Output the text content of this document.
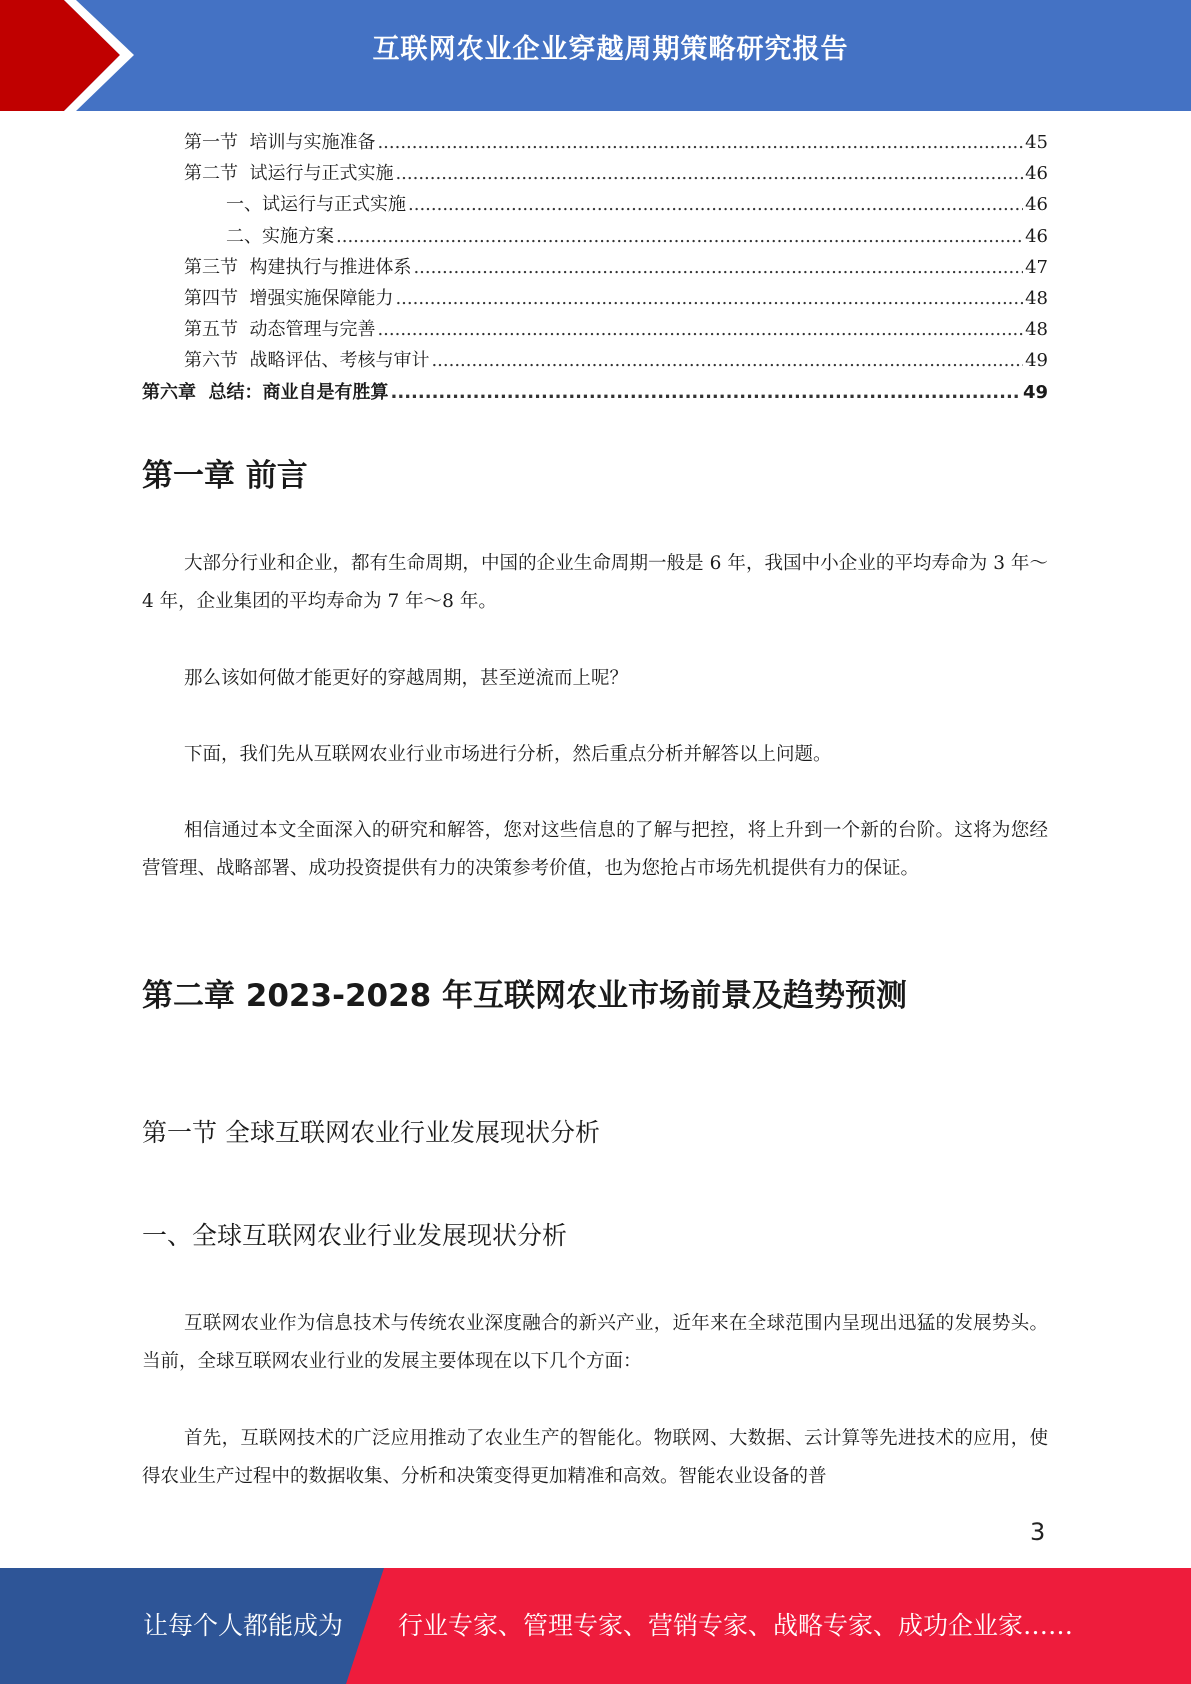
互联网农业企业穿越周期策略研究报告
第一节  培训与实施准备 .....	45
第二节  试运行与正式实施 .....	46
一、试运行与正式实施 .....	46
二、实施方案 .....	46
第三节  构建执行与推进体系 .....	47
第四节  增强实施保障能力 .....	48
第五节  动态管理与完善 .....	48
第六节  战略评估、考核与审计 .....	49
第六章  总结：商业自是有胜算 .....	49
第一章 前言

大部分行业和企业，都有生命周期，中国的企业生命周期一般是 6 年，我国中小企业的平均寿命为 3 年～4 年，企业集团的平均寿命为 7 年～8 年。

那么该如何做才能更好的穿越周期，甚至逆流而上呢？

下面，我们先从互联网农业行业市场进行分析，然后重点分析并解答以上问题。

相信通过本文全面深入的研究和解答，您对这些信息的了解与把控，将上升到一个新的台阶。这将为您经营管理、战略部署、成功投资提供有力的决策参考价值，也为您抢占市场先机提供有力的保证。

第二章 2023-2028 年互联网农业市场前景及趋势预测
第一节 全球互联网农业行业发展现状分析
一、全球互联网农业行业发展现状分析

互联网农业作为信息技术与传统农业深度融合的新兴产业，近年来在全球范围内呈现出迅猛的发展势头。当前，全球互联网农业行业的发展主要体现在以下几个方面：

首先，互联网技术的广泛应用推动了农业生产的智能化。物联网、大数据、云计算等先进技术的应用，使得农业生产过程中的数据收集、分析和决策变得更加精准和高效。智能农业设备的普

3
让每个人都能成为 行业专家、管理专家、营销专家、战略专家、成功企业家……
